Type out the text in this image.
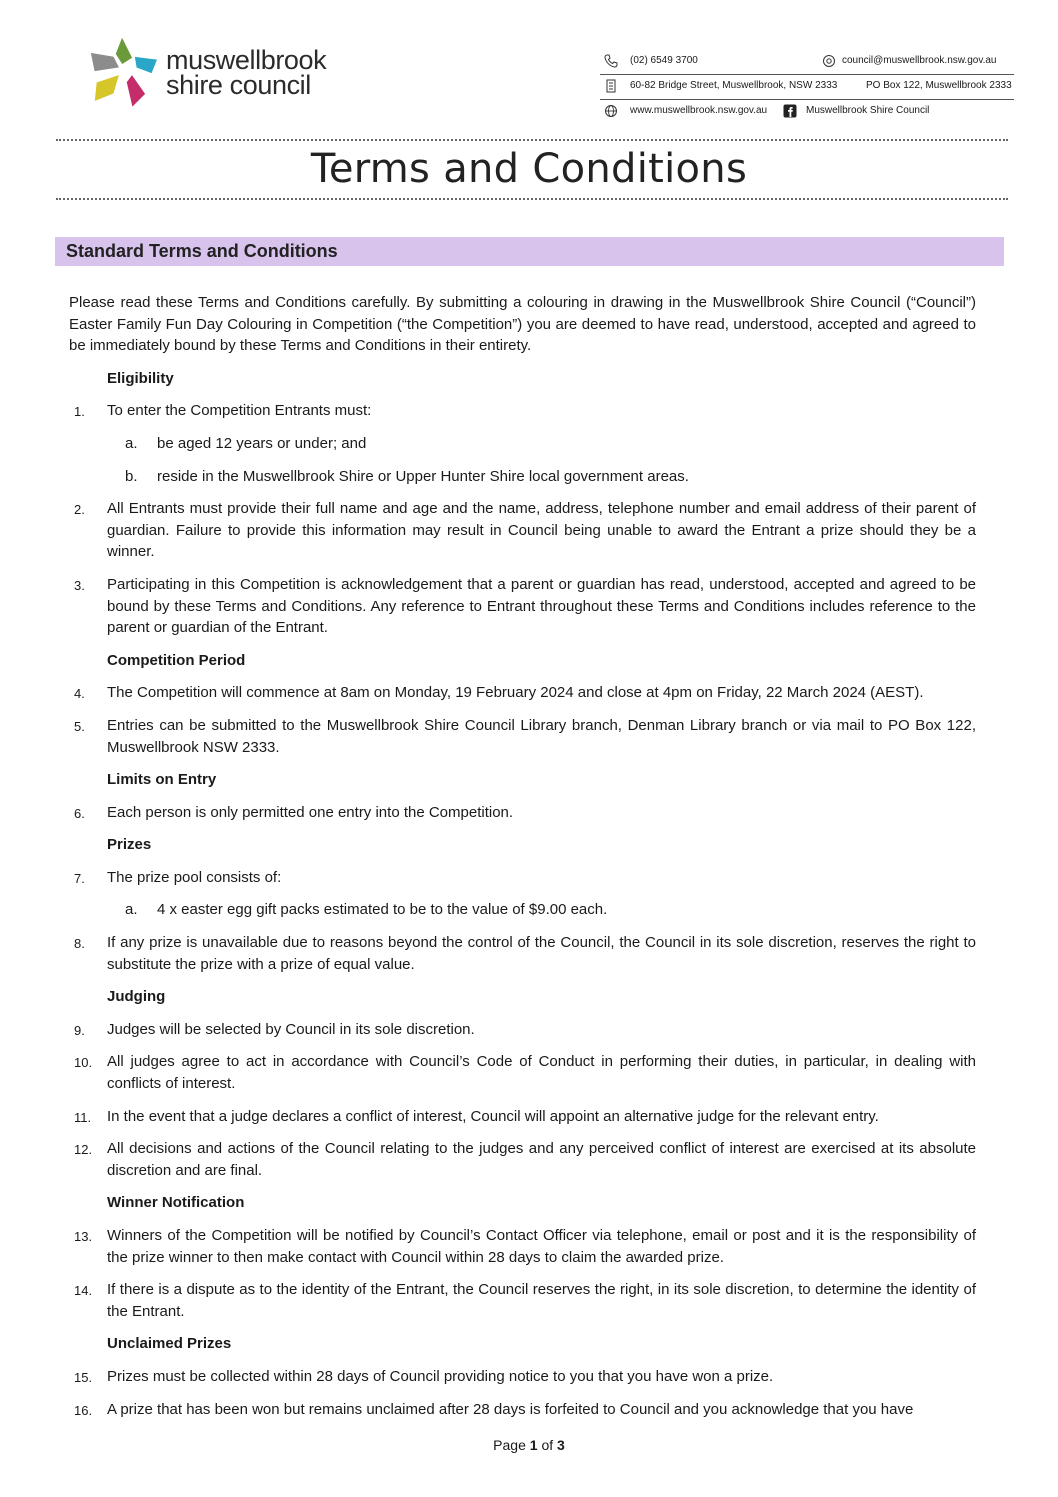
muswellbrook
shire council
(02) 6549 3700	council@muswellbrook.nsw.gov.au
60-82 Bridge Street, Muswellbrook, NSW 2333	PO Box 122, Muswellbrook 2333
www.muswellbrook.nsw.gov.au	Muswellbrook Shire Council
Terms and Conditions
Standard Terms and Conditions

Please read these Terms and Conditions carefully. By submitting a colouring in drawing in the Muswellbrook Shire Council (“Council”) Easter Family Fun Day Colouring in Competition (“the Competition”) you are deemed to have read, understood, accepted and agreed to be immediately bound by these Terms and Conditions in their entirety.

Eligibility
1. To enter the Competition Entrants must:
a. be aged 12 years or under; and
b. reside in the Muswellbrook Shire or Upper Hunter Shire local government areas.
2. All Entrants must provide their full name and age and the name, address, telephone number and email address of their parent of guardian. Failure to provide this information may result in Council being unable to award the Entrant a prize should they be a winner.
3. Participating in this Competition is acknowledgement that a parent or guardian has read, understood, accepted and agreed to be bound by these Terms and Conditions. Any reference to Entrant throughout these Terms and Conditions includes reference to the parent or guardian of the Entrant.
Competition Period
4. The Competition will commence at 8am on Monday, 19 February 2024 and close at 4pm on Friday, 22 March 2024 (AEST).
5. Entries can be submitted to the Muswellbrook Shire Council Library branch, Denman Library branch or via mail to PO Box 122, Muswellbrook NSW 2333.
Limits on Entry
6. Each person is only permitted one entry into the Competition.
Prizes
7. The prize pool consists of:
a. 4 x easter egg gift packs estimated to be to the value of $9.00 each.
8. If any prize is unavailable due to reasons beyond the control of the Council, the Council in its sole discretion, reserves the right to substitute the prize with a prize of equal value.
Judging
9. Judges will be selected by Council in its sole discretion.
10. All judges agree to act in accordance with Council’s Code of Conduct in performing their duties, in particular, in dealing with conflicts of interest.
11. In the event that a judge declares a conflict of interest, Council will appoint an alternative judge for the relevant entry.
12. All decisions and actions of the Council relating to the judges and any perceived conflict of interest are exercised at its absolute discretion and are final.
Winner Notification
13. Winners of the Competition will be notified by Council’s Contact Officer via telephone, email or post and it is the responsibility of the prize winner to then make contact with Council within 28 days to claim the awarded prize.
14. If there is a dispute as to the identity of the Entrant, the Council reserves the right, in its sole discretion, to determine the identity of the Entrant.
Unclaimed Prizes
15. Prizes must be collected within 28 days of Council providing notice to you that you have won a prize.
16. A prize that has been won but remains unclaimed after 28 days is forfeited to Council and you acknowledge that you have
Page 1 of 3
